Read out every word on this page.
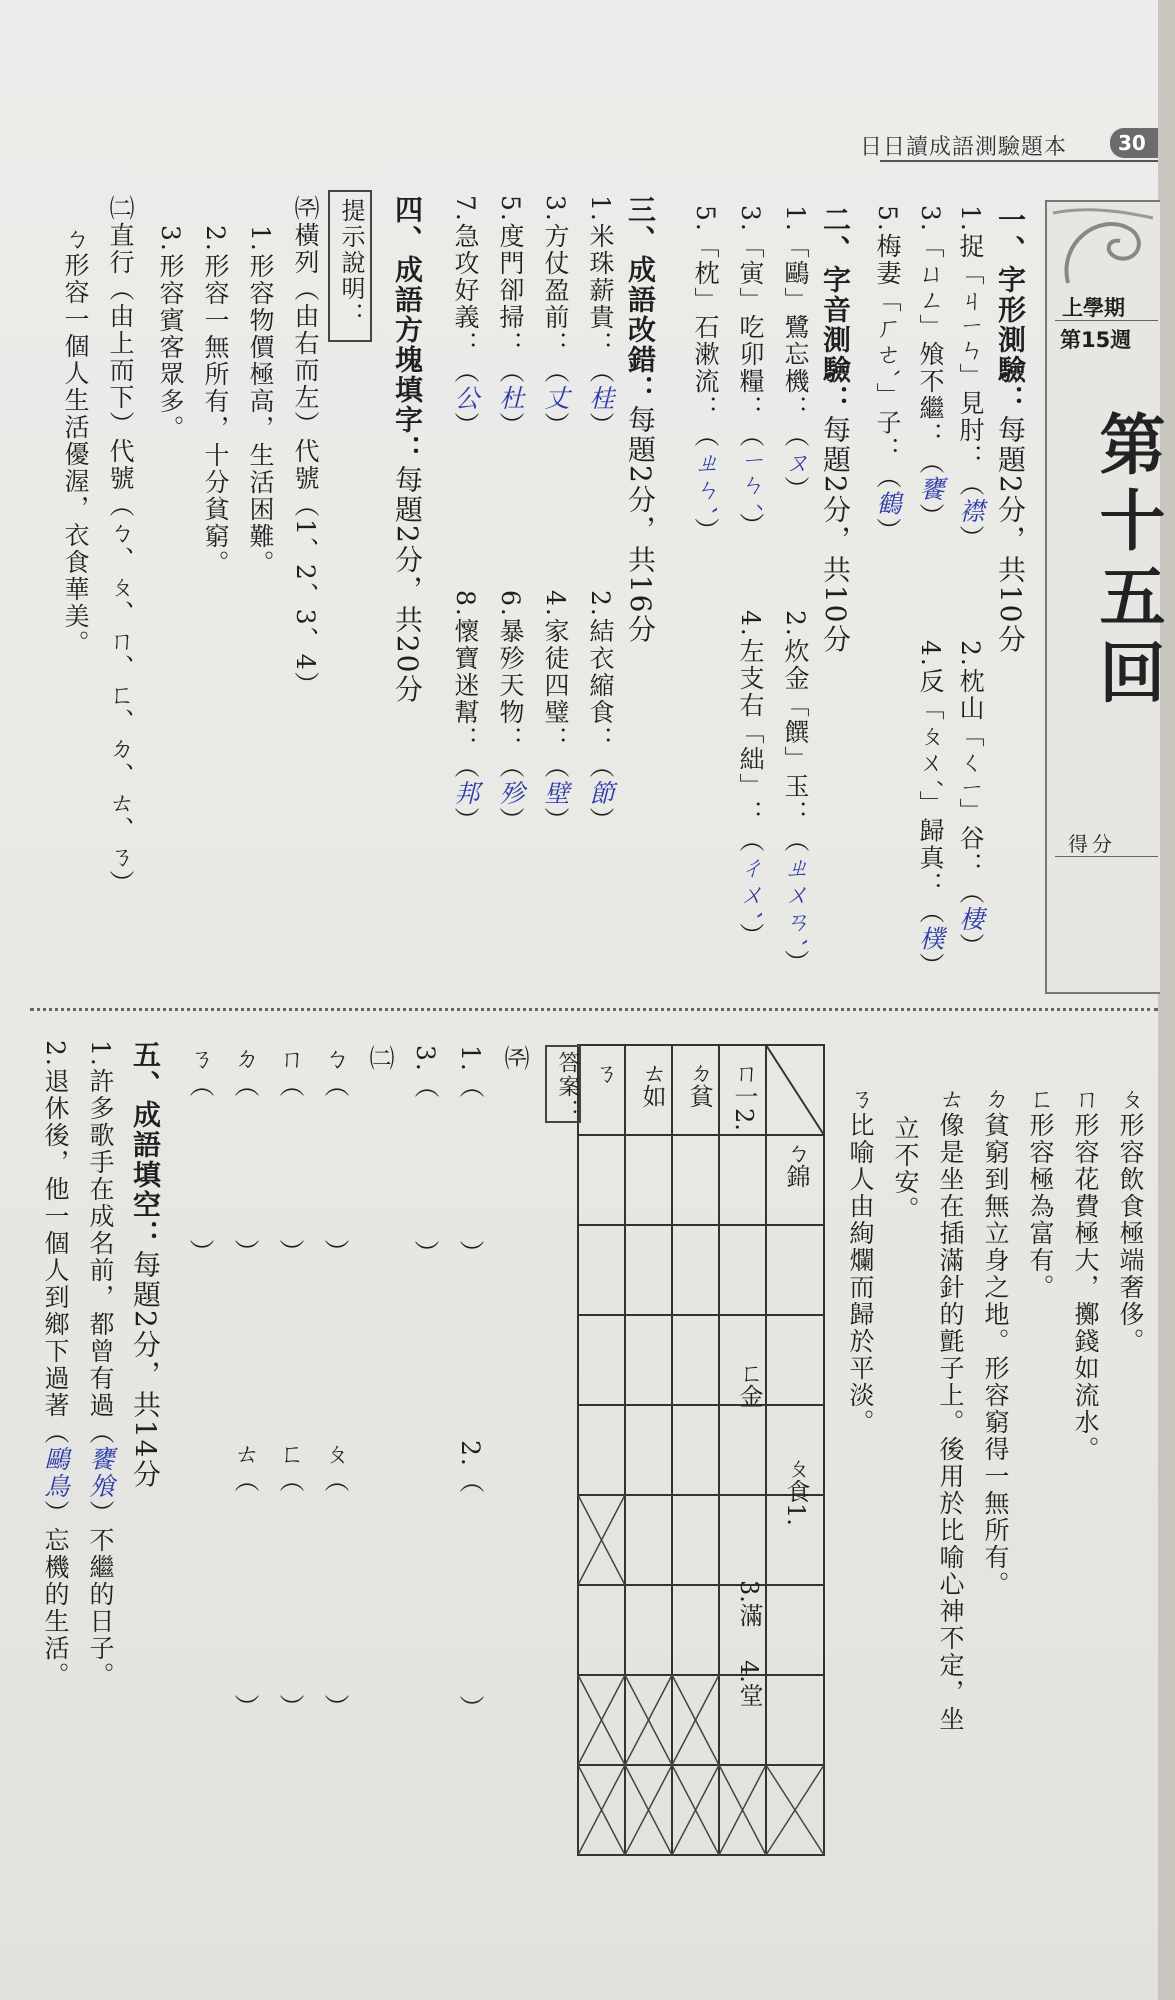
日日讀成語測驗題本	30
上學期
第15週
第十五回
得分
一、字形測驗：每題2分，共10分
1.捉「ㄐㄧㄣ」見肘：（襟）
2.枕山「ㄑㄧ」谷：（棲）
3.「ㄩㄥ」飧不繼：（饔）
4.反「ㄆㄨˊ」歸真：（樸）
5.梅妻「ㄏㄜˋ」子：（鶴）
二、字音測驗：每題2分，共10分
1.「鷗」鷺忘機：（ㄡ）
2.炊金「饌」玉：（ㄓㄨㄢˋ）
3.「寅」吃卯糧：（ㄧㄣˊ）
4.左支右「絀」：（ㄔㄨˋ）
5.「枕」石漱流：（ㄓㄣˋ）
三、成語改錯：每題2分，共16分
1.米珠薪貴：（桂）
2.結衣縮食：（節）
3.方仗盈前：（丈）
4.家徒四璧：（壁）
5.度門卻掃：（杜）
6.暴殄天物：（殄）
7.急攻好義：（公）
8.懷寶迷幫：（邦）
四、成語方塊填字：每題2分，共20分
提示說明：
㈜橫列（由右而左）代號（1、2、3、4）
1.形容物價極高，生活困難。
2.形容一無所有，十分貧窮。
3.形容賓客眾多。
㈡直行（由上而下）代號（ㄅ、ㄆ、ㄇ、ㄈ、ㄉ、ㄊ、ㄋ）
ㄅ形容一個人生活優渥，衣食華美。
ㄆ形容飲食極端奢侈。
ㄇ形容花費極大，擲錢如流水。
ㄈ形容極為富有。
ㄉ貧窮到無立身之地。形容窮得一無所有。
ㄊ像是坐在插滿針的氈子上。後用於比喻心神不定，坐
立不安。
ㄋ比喻人由絢爛而歸於平淡。
ㄇ一2.
ㄉ貧
ㄊ如
ㄋ
ㄅ錦
ㄈ金
ㄆ食1.
3.滿
4.堂
答案：
㈜
1.（）
3.（）
2.（）
㈡
ㄅ（）
ㄇ（）
ㄉ（）
ㄋ（）
ㄆ（）
ㄈ（）
ㄊ（）
五、成語填空：每題2分，共14分
1.許多歌手在成名前，都曾有過（饔飧）不繼的日子。
2.退休後，他一個人到鄉下過著（鷗鳥）忘機的生活。
